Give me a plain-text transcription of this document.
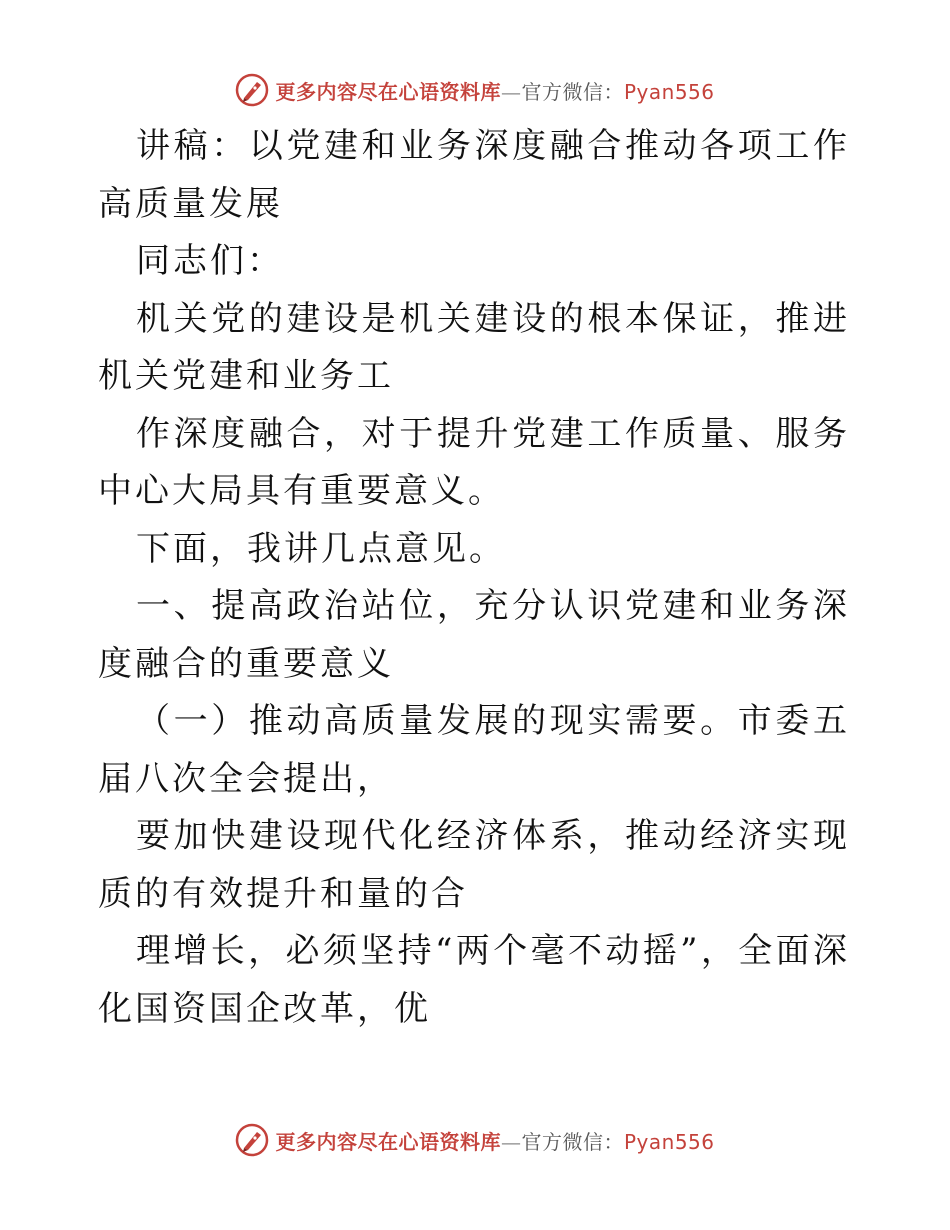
更多内容尽在心语资料库—官方微信：Pyan556

讲稿：以党建和业务深度融合推动各项工作高质量发展

同志们：

机关党的建设是机关建设的根本保证，推进机关党建和业务工

作深度融合，对于提升党建工作质量、服务中心大局具有重要意义。

下面，我讲几点意见。

一、提高政治站位，充分认识党建和业务深度融合的重要意义

（一）推动高质量发展的现实需要。市委五届八次全会提出，

要加快建设现代化经济体系，推动经济实现质的有效提升和量的合

理增长，必须坚持“两个毫不动摇”，全面深化国资国企改革，优

更多内容尽在心语资料库—官方微信：Pyan556
